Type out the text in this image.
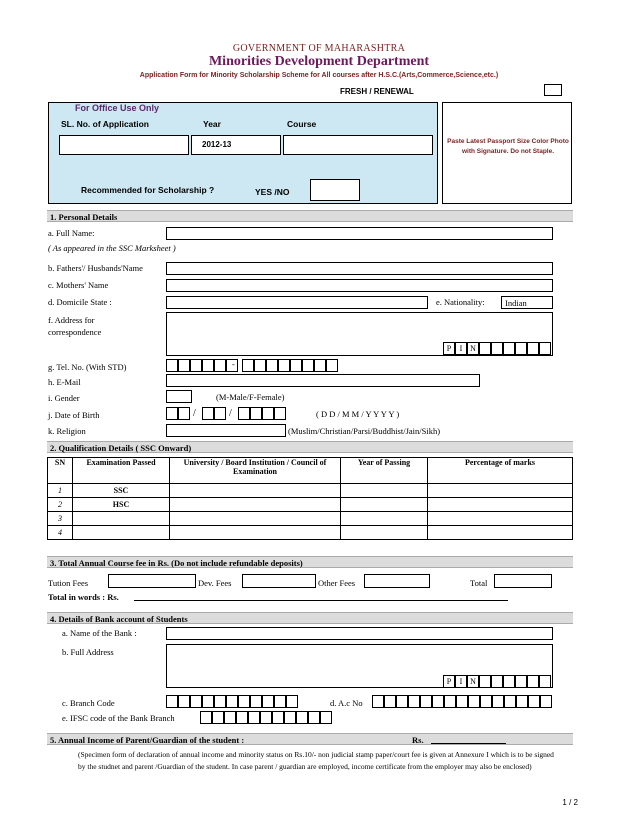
GOVERNMENT OF MAHARASHTRA
Minorities Development Department
Application Form for Minority Scholarship Scheme for All courses after H.S.C.(Arts,Commerce,Science,etc.)
FRESH / RENEWAL
For Office Use Only
SL. No. of Application	Year	Course
2012-13
Recommended for Scholarship ?	YES /NO
Paste Latest Passport Size Color Photo with Signature. Do not Staple.
1. Personal Details
a. Full Name:
( As appeared in the SSC Marksheet )
b. Fathers'/ Husbands'Name
c. Mothers' Name
d. Domicile State :	e. Nationality:	Indian
f. Address for
correspondence
P	I N
g. Tel. No. (With STD)	-
h. E-Mail
i. Gender	(M-Male/F-Female)
j. Date of Birth	/	/	( D D / M M / Y Y Y Y )
k. Religion	(Muslim/Christian/Parsi/Buddhist/Jain/Sikh)
2. Qualification Details ( SSC Onward)
SN	Examination Passed	University / Board Institution / Council of Examination	Year of Passing	Percentage of marks
1	SSC			
2	HSC			
3				
4				
3. Total Annual Course fee in Rs. (Do not include refundable deposits)
Tution Fees	Dev. Fees	Other Fees	Total
Total in words : Rs.
4. Details of Bank account of Students
a. Name of the Bank :
b. Full Address
P	I N
c. Branch Code	d. A.c No
e. IFSC code of the Bank Branch
5. Annual Income of Parent/Guardian of the student :	Rs.
(Specimen form of declaration of annual income and minority status on Rs.10/- non judicial stamp paper/court fee is given at Annexure I which is to be signed by the studnet and parent /Guardian of the student. In case parent / guardian are employed, income certificate from the employer may also be enclosed)
1 / 2
